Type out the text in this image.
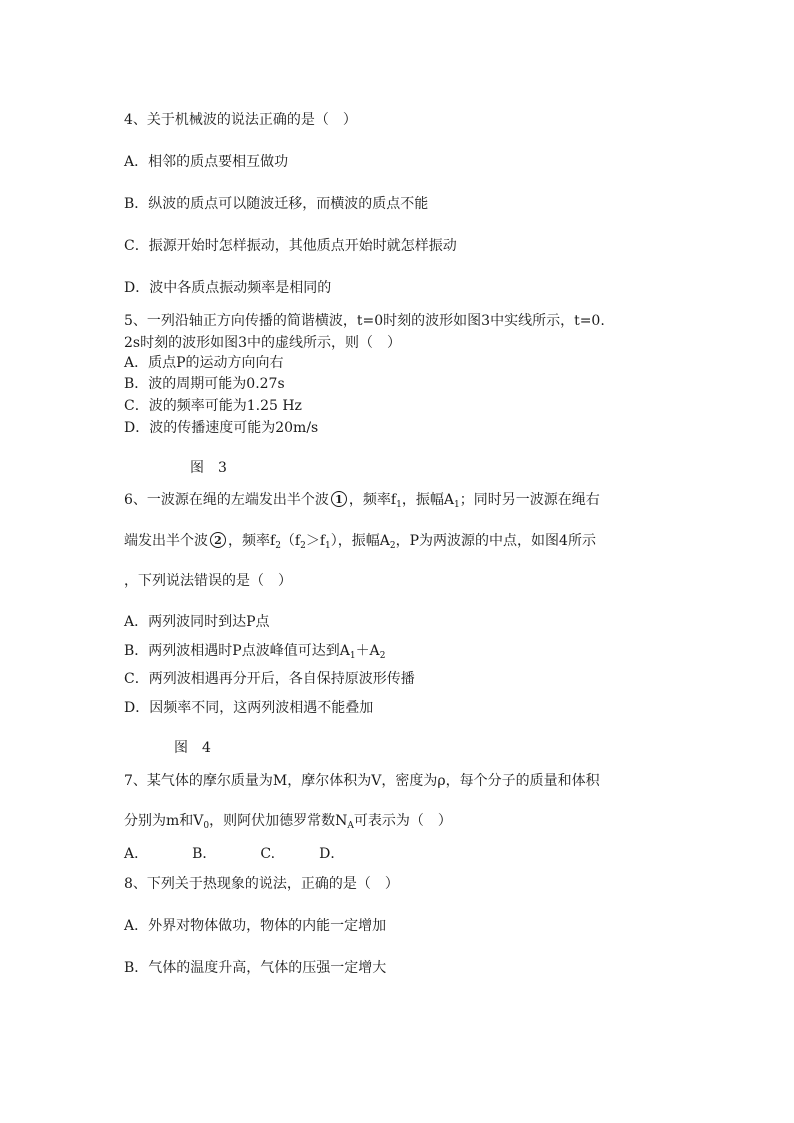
4、关于机械波的说法正确的是（　）
A．相邻的质点要相互做功
B．纵波的质点可以随波迁移，而横波的质点不能
C．振源开始时怎样振动，其他质点开始时就怎样振动
D．波中各质点振动频率是相同的
5、一列沿轴正方向传播的简谐横波，t=0时刻的波形如图3中实线所示，t=0.
2s时刻的波形如图3中的虚线所示，则（　）
A．质点P的运动方向向右
B．波的周期可能为0.27s
C．波的频率可能为1.25 Hz
D．波的传播速度可能为20m/s
图　3
6、一波源在绳的左端发出半个波 1 ，频率$f_1$，振幅$A_1$；同时另一波源在绳右
端发出半个波 2 ，频率$f_2(f_2>f_1)$，振幅$A_2$，P为两波源的中点，如图4所示
，下列说法错误的是（　）
A．两列波同时到达P点
B．两列波相遇时P点波峰值可达到$A_1+A_2$
C．两列波相遇再分开后，各自保持原波形传播
D．因频率不同，这两列波相遇不能叠加
图　4
7、某气体的摩尔质量为M，摩尔体积为V，密度为ρ，每个分子的质量和体积
分别为m和$V_0$，则阿伏加德罗常数$N_A$可表示为（　）
A．	B．	C.	D．
8、下列关于热现象的说法，正确的是（　）
A．外界对物体做功，物体的内能一定增加
B．气体的温度升高，气体的压强一定增大
